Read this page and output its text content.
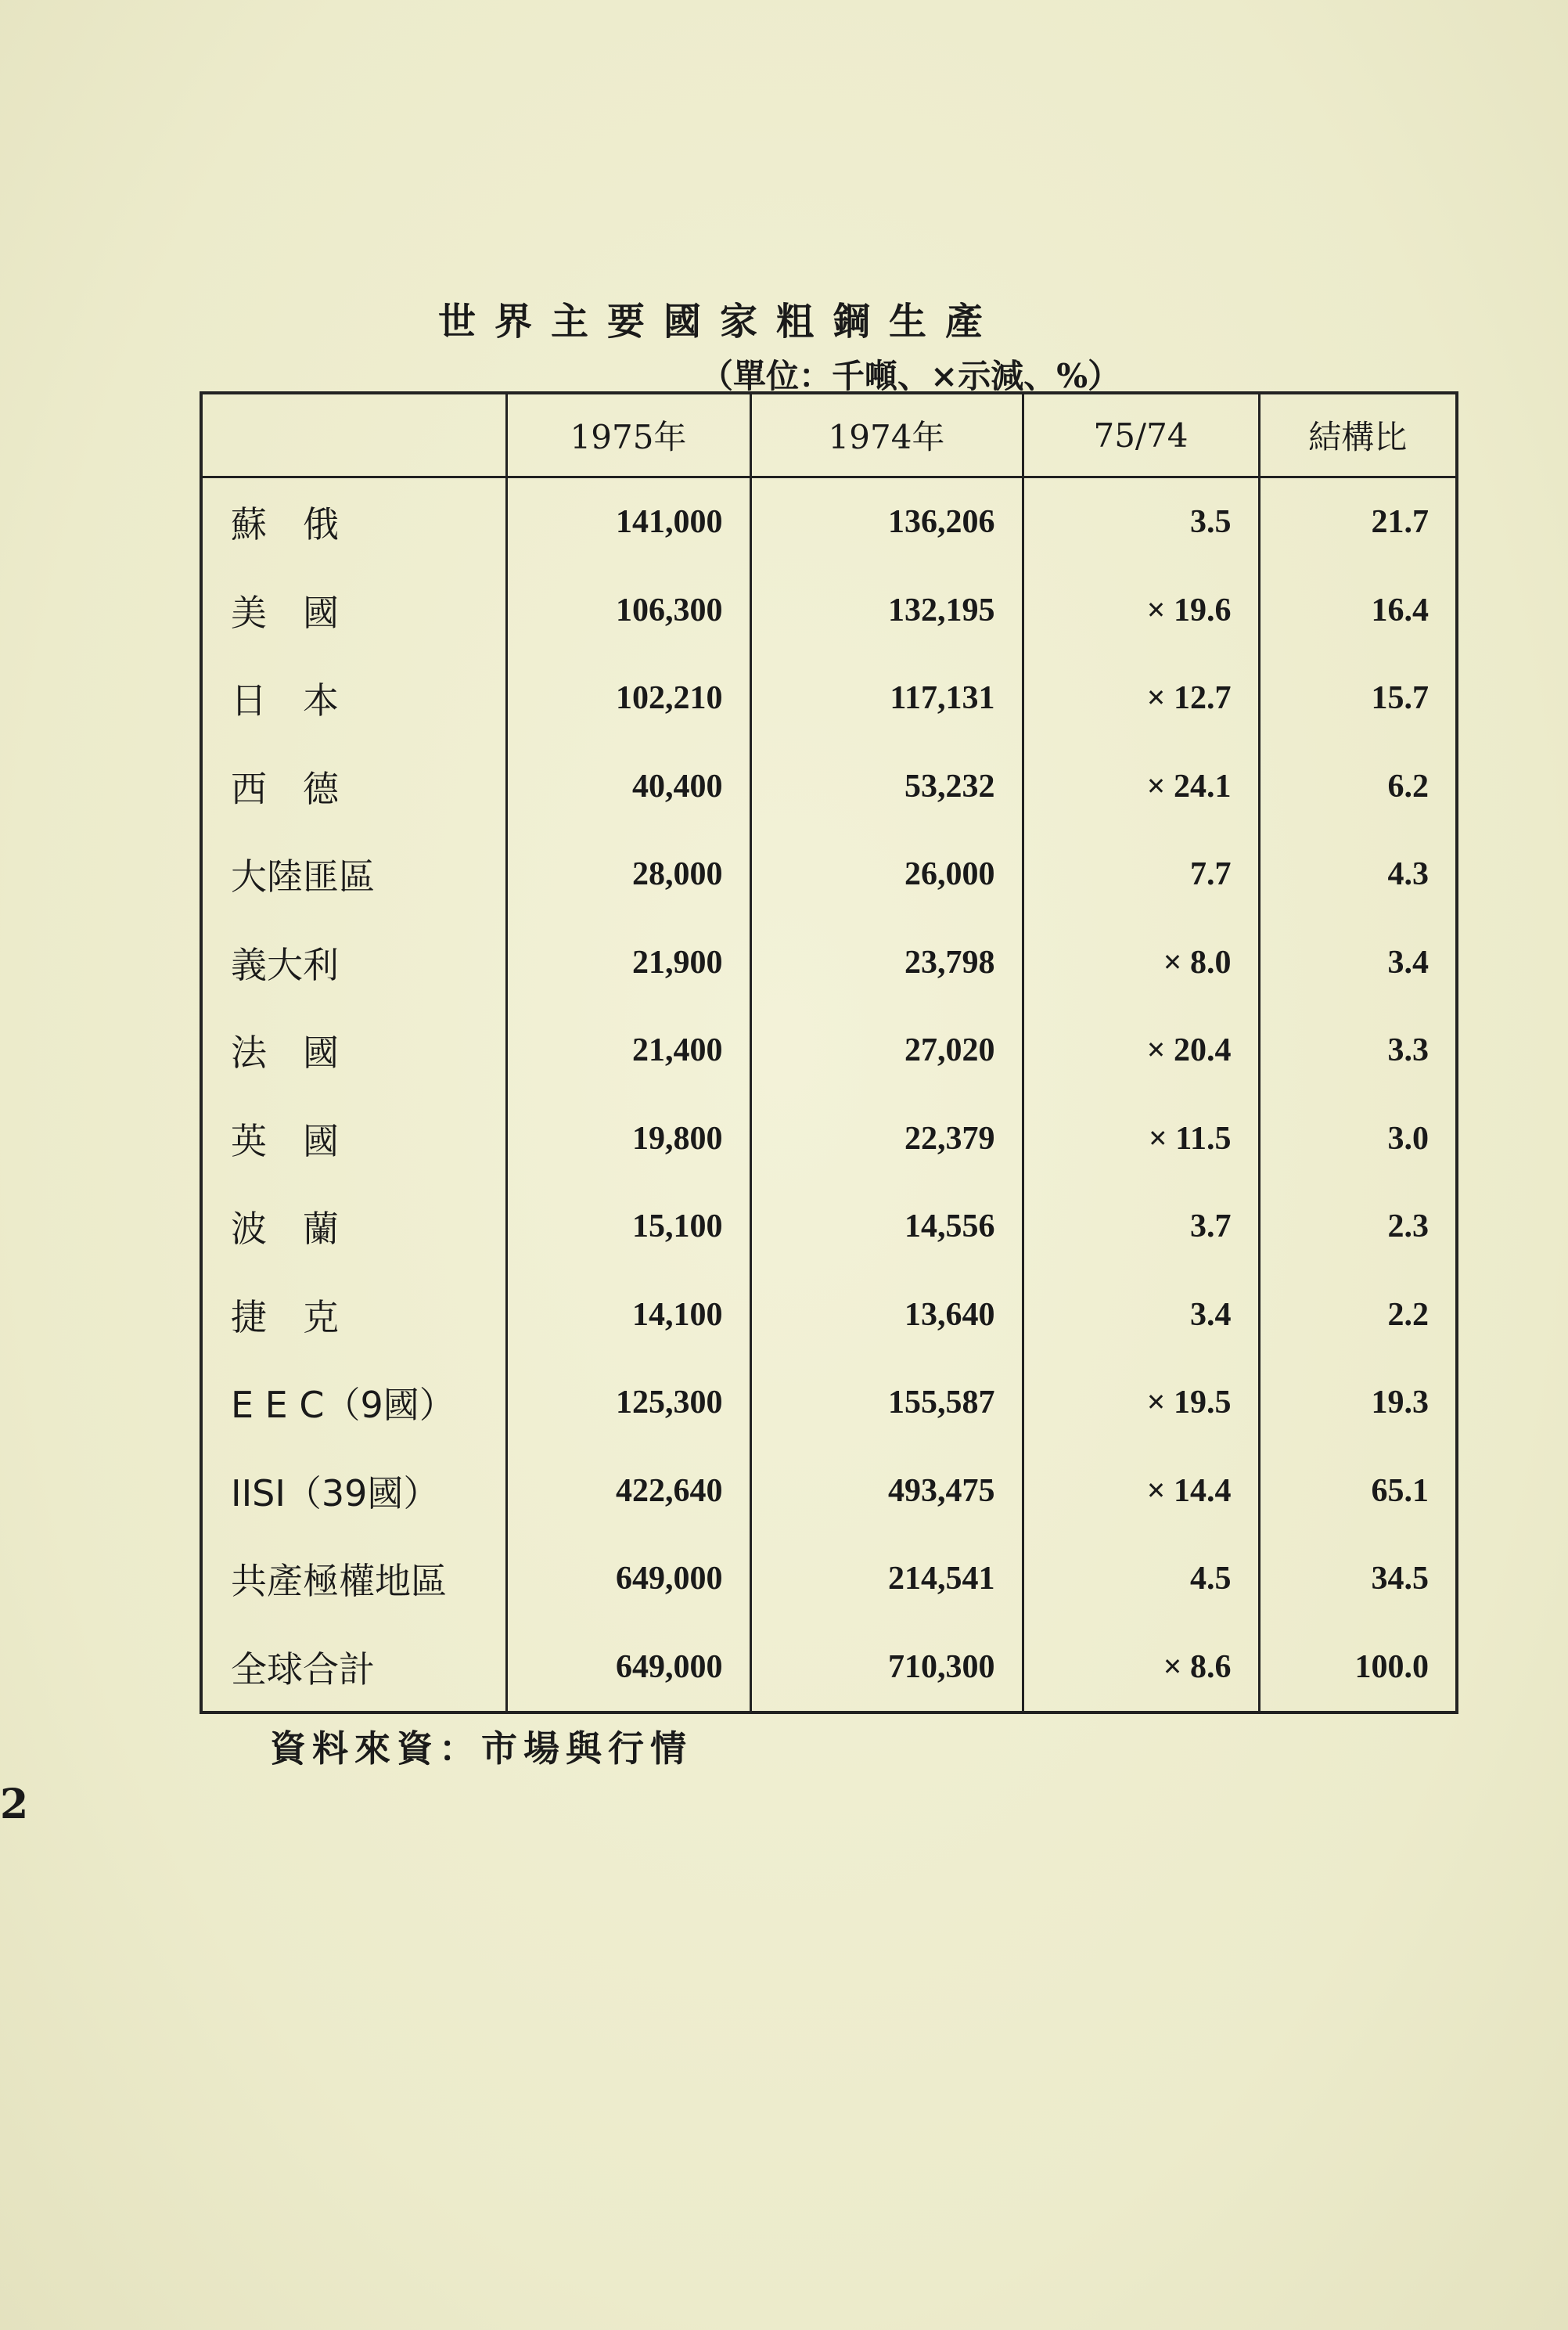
世界主要國家粗鋼生產
（單位：千噸、×示減、%）
	1975年	1974年	75/74	結構比
蘇　俄	141,000	136,206	3.5	21.7
美　國	106,300	132,195	× 19.6	16.4
日　本	102,210	117,131	× 12.7	15.7
西　德	40,400	53,232	× 24.1	6.2
大陸匪區	28,000	26,000	7.7	4.3
義大利	21,900	23,798	× 8.0	3.4
法　國	21,400	27,020	× 20.4	3.3
英　國	19,800	22,379	× 11.5	3.0
波　蘭	15,100	14,556	3.7	2.3
捷　克	14,100	13,640	3.4	2.2
E E C（9國）	125,300	155,587	× 19.5	19.3
IISI（39國）	422,640	493,475	× 14.4	65.1
共產極權地區	649,000	214,541	4.5	34.5
全球合計	649,000	710,300	× 8.6	100.0
資料來資：市場與行情
2
